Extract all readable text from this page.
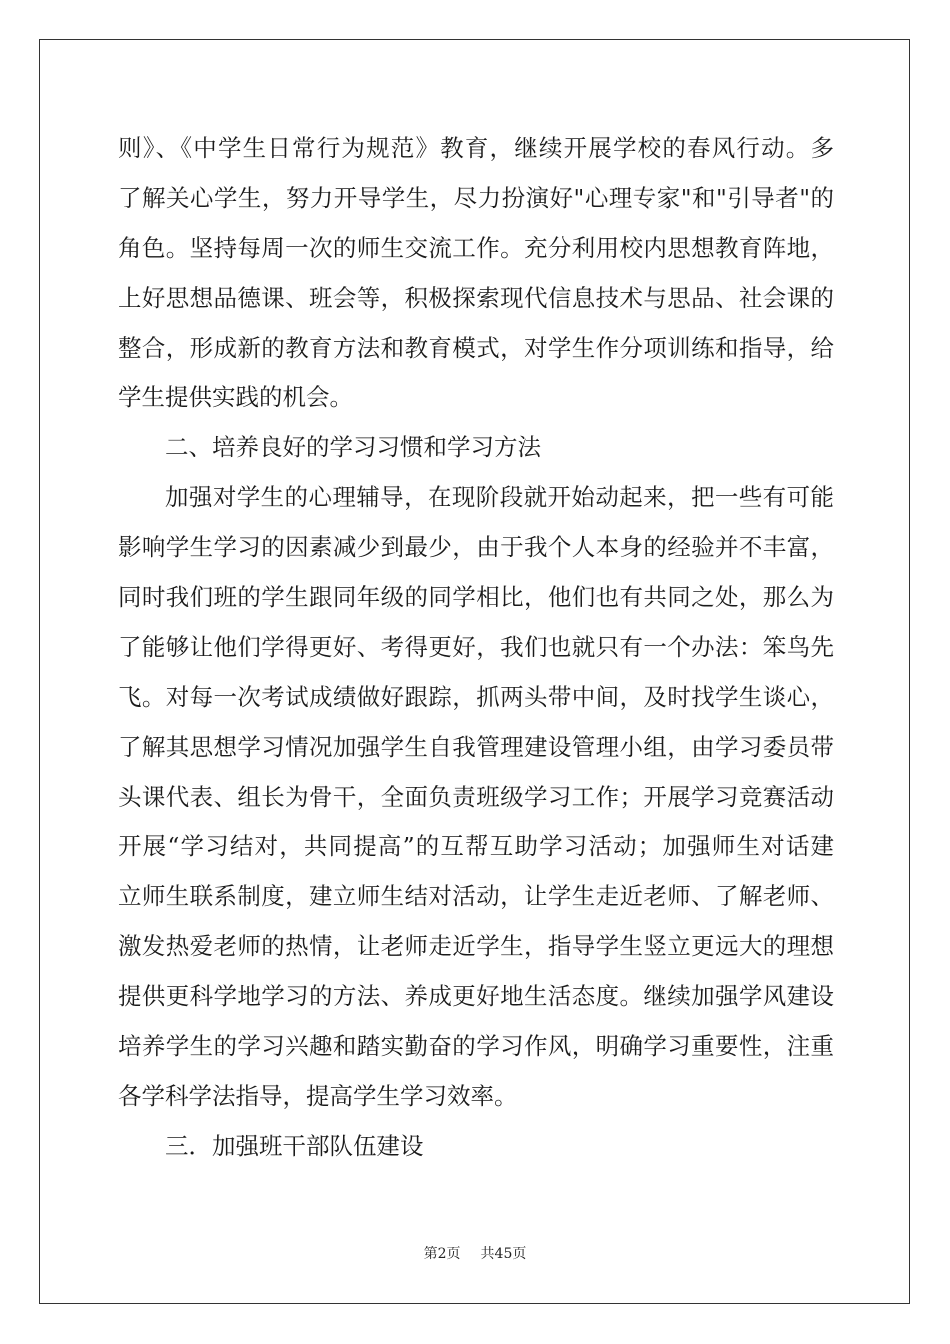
则》、《中学生日常行为规范》教育，继续开展学校的春风行动。多
了解关心学生，努力开导学生，尽力扮演好"心理专家"和"引导者"的
角色。坚持每周一次的师生交流工作。充分利用校内思想教育阵地，
上好思想品德课、班会等，积极探索现代信息技术与思品、社会课的
整合，形成新的教育方法和教育模式，对学生作分项训练和指导，给
学生提供实践的机会。
二、培养良好的学习习惯和学习方法
加强对学生的心理辅导，在现阶段就开始动起来，把一些有可能
影响学生学习的因素减少到最少，由于我个人本身的经验并不丰富，
同时我们班的学生跟同年级的同学相比，他们也有共同之处，那么为
了能够让他们学得更好、考得更好，我们也就只有一个办法：笨鸟先
飞。对每一次考试成绩做好跟踪，抓两头带中间，及时找学生谈心，
了解其思想学习情况加强学生自我管理建设管理小组，由学习委员带
头课代表、组长为骨干，全面负责班级学习工作；开展学习竞赛活动
开展“学习结对，共同提高”的互帮互助学习活动；加强师生对话建
立师生联系制度，建立师生结对活动，让学生走近老师、了解老师、
激发热爱老师的热情，让老师走近学生，指导学生竖立更远大的理想
提供更科学地学习的方法、养成更好地生活态度。继续加强学风建设
培养学生的学习兴趣和踏实勤奋的学习作风，明确学习重要性，注重
各学科学法指导，提高学生学习效率。
三．加强班干部队伍建设
第2页 共45页
